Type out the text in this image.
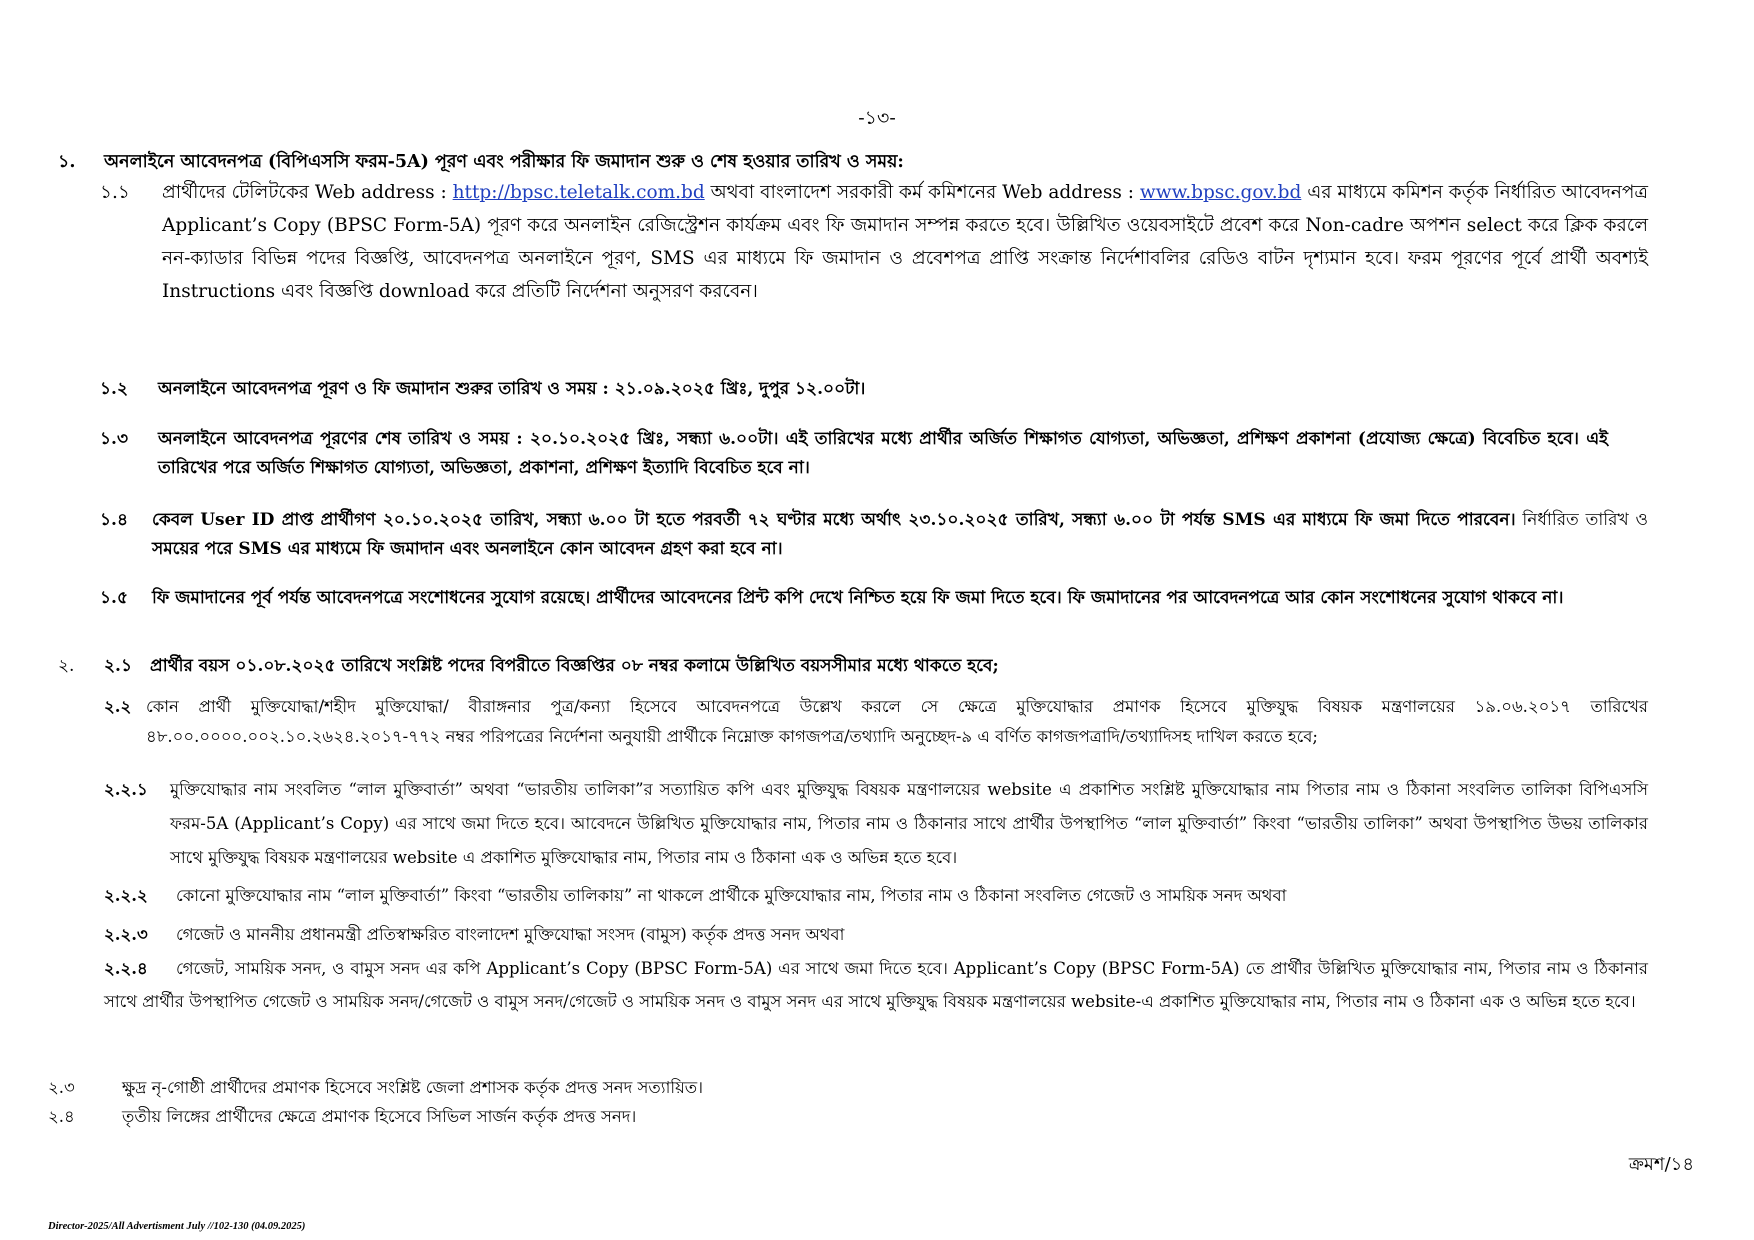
-১৩-
১. অনলাইনে আবেদনপত্র (বিপিএসসি ফরম-5A) পূরণ এবং পরীক্ষার ফি জমাদান শুরু ও শেষ হওয়ার তারিখ ও সময়:
১.১ প্রার্থীদের টেলিটকের Web address : http://bpsc.teletalk.com.bd অথবা বাংলাদেশ সরকারী কর্ম কমিশনের Web address : www.bpsc.gov.bd এর মাধ্যমে কমিশন কর্তৃক নির্ধারিত আবেদনপত্র Applicant’s Copy (BPSC Form-5A) পূরণ করে অনলাইন রেজিস্ট্রেশন কার্যক্রম এবং ফি জমাদান সম্পন্ন করতে হবে। উল্লিখিত ওয়েবসাইটে প্রবেশ করে Non-cadre অপশন select করে ক্লিক করলে নন-ক্যাডার বিভিন্ন পদের বিজ্ঞপ্তি, আবেদনপত্র অনলাইনে পূরণ, SMS এর মাধ্যমে ফি জমাদান ও প্রবেশপত্র প্রাপ্তি সংক্রান্ত নির্দেশাবলির রেডিও বাটন দৃশ্যমান হবে। ফরম পূরণের পূর্বে প্রার্থী অবশ্যই Instructions এবং বিজ্ঞপ্তি download করে প্রতিটি নির্দেশনা অনুসরণ করবেন।
১.২ অনলাইনে আবেদনপত্র পূরণ ও ফি জমাদান শুরুর তারিখ ও সময় : ২১.০৯.২০২৫ খ্রিঃ, দুপুর ১২.০০টা।
১.৩ অনলাইনে আবেদনপত্র পূরণের শেষ তারিখ ও সময় : ২০.১০.২০২৫ খ্রিঃ, সন্ধ্যা ৬.০০টা। এই তারিখের মধ্যে প্রার্থীর অর্জিত শিক্ষাগত যোগ্যতা, অভিজ্ঞতা, প্রশিক্ষণ প্রকাশনা (প্রযোজ্য ক্ষেত্রে) বিবেচিত হবে। এই তারিখের পরে অর্জিত শিক্ষাগত যোগ্যতা, অভিজ্ঞতা, প্রকাশনা, প্রশিক্ষণ ইত্যাদি বিবেচিত হবে না।
১.৪ কেবল User ID প্রাপ্ত প্রার্থীগণ ২০.১০.২০২৫ তারিখ, সন্ধ্যা ৬.০০ টা হতে পরবর্তী ৭২ ঘণ্টার মধ্যে অর্থাৎ ২৩.১০.২০২৫ তারিখ, সন্ধ্যা ৬.০০ টা পর্যন্ত SMS এর মাধ্যমে ফি জমা দিতে পারবেন। নির্ধারিত তারিখ ও সময়ের পরে SMS এর মাধ্যমে ফি জমাদান এবং অনলাইনে কোন আবেদন গ্রহণ করা হবে না।
১.৫ ফি জমাদানের পূর্ব পর্যন্ত আবেদনপত্রে সংশোধনের সুযোগ রয়েছে। প্রার্থীদের আবেদনের প্রিন্ট কপি দেখে নিশ্চিত হয়ে ফি জমা দিতে হবে। ফি জমাদানের পর আবেদনপত্রে আর কোন সংশোধনের সুযোগ থাকবে না।
২. ২.১ প্রার্থীর বয়স ০১.০৮.২০২৫ তারিখে সংশ্লিষ্ট পদের বিপরীতে বিজ্ঞপ্তির ০৮ নম্বর কলামে উল্লিখিত বয়সসীমার মধ্যে থাকতে হবে;
২.২ কোন প্রার্থী মুক্তিযোদ্ধা/শহীদ মুক্তিযোদ্ধা/ বীরাঙ্গনার পুত্র/কন্যা হিসেবে আবেদনপত্রে উল্লেখ করলে সে ক্ষেত্রে মুক্তিযোদ্ধার প্রমাণক হিসেবে মুক্তিযুদ্ধ বিষয়ক মন্ত্রণালয়ের ১৯.০৬.২০১৭ তারিখের ৪৮.০০.০০০০.০০২.১০.২৬২৪.২০১৭-৭৭২ নম্বর পরিপত্রের নির্দেশনা অনুযায়ী প্রার্থীকে নিম্নোক্ত কাগজপত্র/তথ্যাদি অনুচ্ছেদ-৯ এ বর্ণিত কাগজপত্রাদি/তথ্যাদিসহ দাখিল করতে হবে;
২.২.১ মুক্তিযোদ্ধার নাম সংবলিত “লাল মুক্তিবার্তা” অথবা “ভারতীয় তালিকা”র সত্যায়িত কপি এবং মুক্তিযুদ্ধ বিষয়ক মন্ত্রণালয়ের website এ প্রকাশিত সংশ্লিষ্ট মুক্তিযোদ্ধার নাম পিতার নাম ও ঠিকানা সংবলিত তালিকা বিপিএসসি ফরম-5A (Applicant’s Copy) এর সাথে জমা দিতে হবে। আবেদনে উল্লিখিত মুক্তিযোদ্ধার নাম, পিতার নাম ও ঠিকানার সাথে প্রার্থীর উপস্থাপিত “লাল মুক্তিবার্তা” কিংবা “ভারতীয় তালিকা” অথবা উপস্থাপিত উভয় তালিকার সাথে মুক্তিযুদ্ধ বিষয়ক মন্ত্রণালয়ের website এ প্রকাশিত মুক্তিযোদ্ধার নাম, পিতার নাম ও ঠিকানা এক ও অভিন্ন হতে হবে।
২.২.২ কোনো মুক্তিযোদ্ধার নাম “লাল মুক্তিবার্তা” কিংবা “ভারতীয় তালিকায়” না থাকলে প্রার্থীকে মুক্তিযোদ্ধার নাম, পিতার নাম ও ঠিকানা সংবলিত গেজেট ও সাময়িক সনদ অথবা
২.২.৩ গেজেট ও মাননীয় প্রধানমন্ত্রী প্রতিস্বাক্ষরিত বাংলাদেশ মুক্তিযোদ্ধা সংসদ (বামুস) কর্তৃক প্রদত্ত সনদ অথবা
২.২.৪	গেজেট, সাময়িক সনদ, ও বামুস সনদ এর কপি Applicant’s Copy (BPSC Form-5A) এর সাথে জমা দিতে হবে। Applicant’s Copy (BPSC Form-5A) তে প্রার্থীর উল্লিখিত মুক্তিযোদ্ধার নাম, পিতার নাম ও ঠিকানার সাথে প্রার্থীর উপস্থাপিত গেজেট ও সাময়িক সনদ/গেজেট ও বামুস সনদ/গেজেট ও সাময়িক সনদ ও বামুস সনদ এর সাথে মুক্তিযুদ্ধ বিষয়ক মন্ত্রণালয়ের website-এ প্রকাশিত মুক্তিযোদ্ধার নাম, পিতার নাম ও ঠিকানা এক ও অভিন্ন হতে হবে।
২.৩	ক্ষুদ্র নৃ-গোষ্ঠী প্রার্থীদের প্রমাণক হিসেবে সংশ্লিষ্ট জেলা প্রশাসক কর্তৃক প্রদত্ত সনদ সত্যায়িত।
২.৪	তৃতীয় লিঙ্গের প্রার্থীদের ক্ষেত্রে প্রমাণক হিসেবে সিভিল সার্জন কর্তৃক প্রদত্ত সনদ।
ক্রমশ/১৪
Director-2025/All Advertisment July //102-130 (04.09.2025)
